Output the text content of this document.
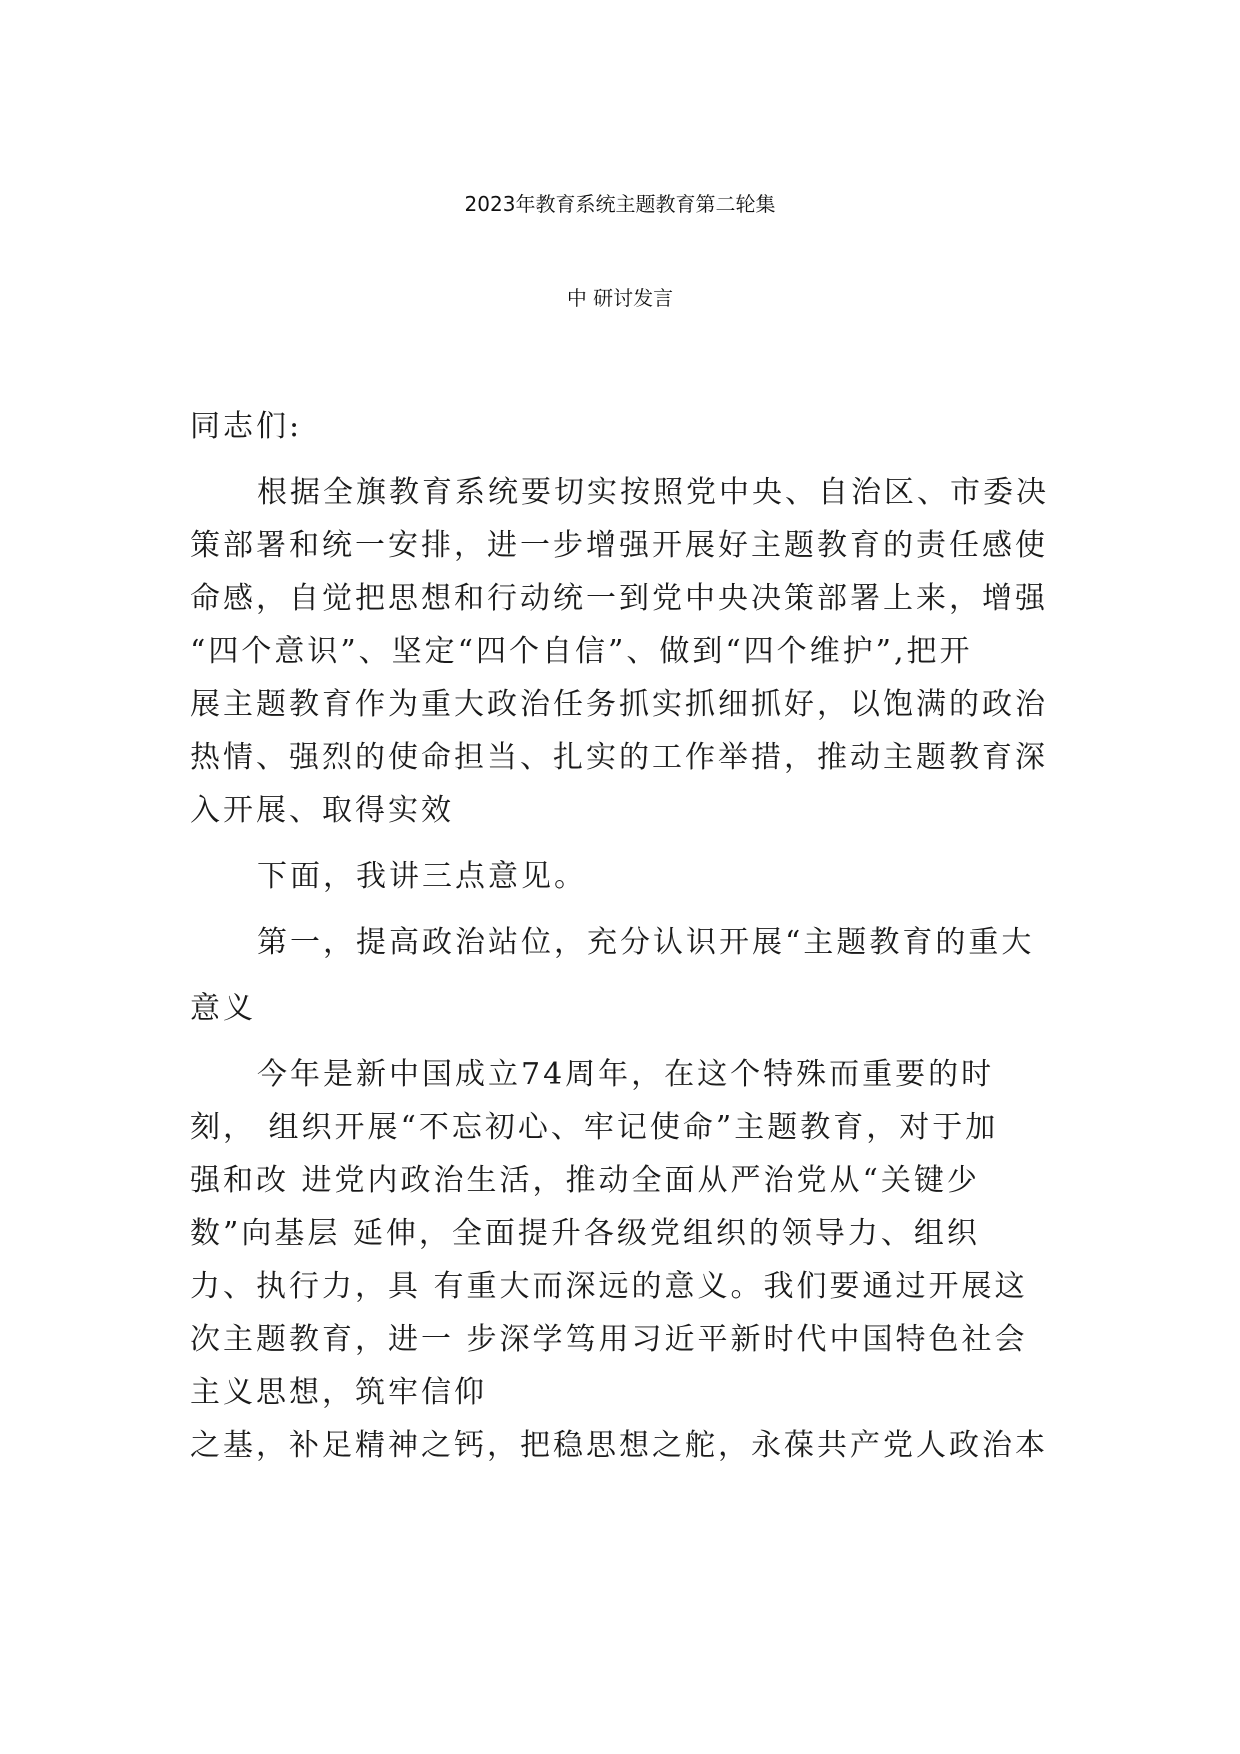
2023年教育系统主题教育第二轮集
中 研讨发言
同志们:
根据全旗教育系统要切实按照党中央、自治区、市委决
策部署和统一安排，进一步增强开展好主题教育的责任感使
命感，自觉把思想和行动统一到党中央决策部署上来，增强
“四个意识”、坚定“四个自信”、做到“四个维护”,把开
展主题教育作为重大政治任务抓实抓细抓好，以饱满的政治
热情、强烈的使命担当、扎实的工作举措，推动主题教育深
入开展、取得实效
下面，我讲三点意见。
第一，提高政治站位，充分认识开展“主题教育的重大
意义
今年是新中国成立74周年，在这个特殊而重要的时
刻， 组织开展“不忘初心、牢记使命”主题教育，对于加
强和改 进党内政治生活，推动全面从严治党从“关键少
数”向基层 延伸，全面提升各级党组织的领导力、组织
力、执行力，具 有重大而深远的意义。我们要通过开展这
次主题教育，进一 步深学笃用习近平新时代中国特色社会
主义思想，筑牢信仰
之基，补足精神之钙，把稳思想之舵，永葆共产党人政治本
